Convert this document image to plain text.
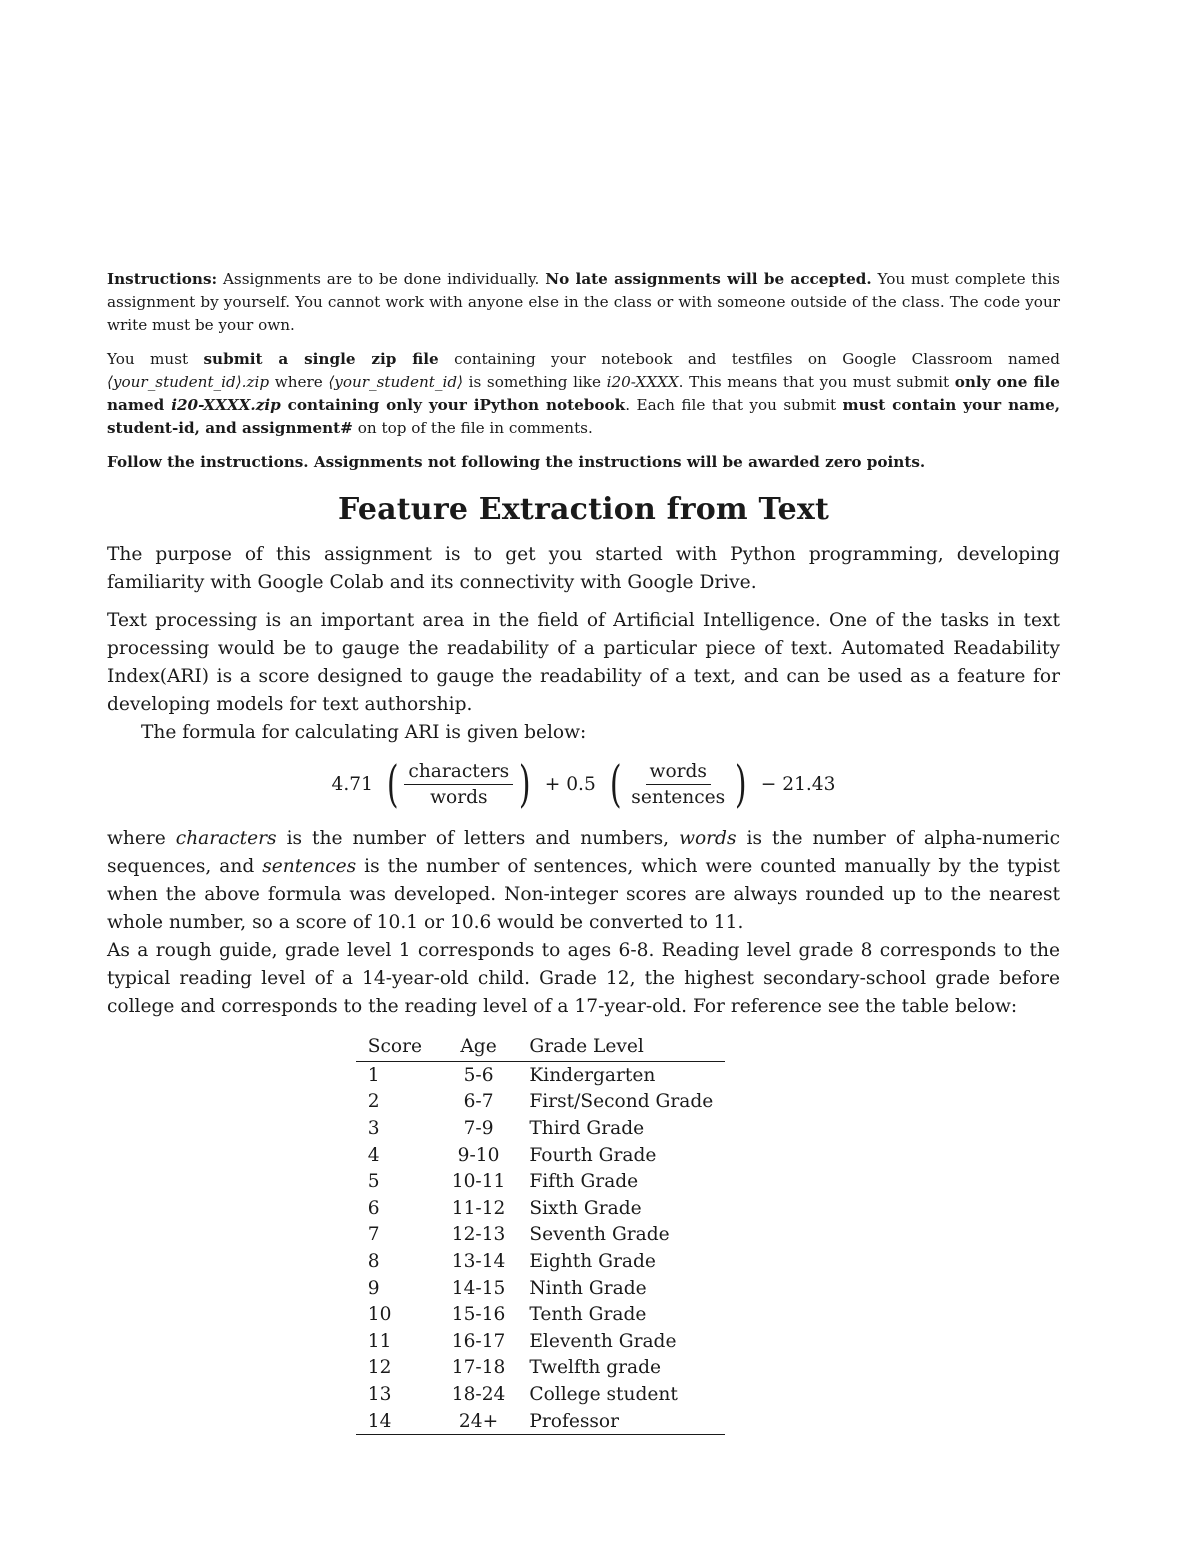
Instructions: Assignments are to be done individually. No late assignments will be accepted. You must complete this assignment by yourself. You cannot work with anyone else in the class or with someone outside of the class. The code your write must be your own.

You must submit a single zip file containing your notebook and testfiles on Google Classroom named ⟨your_student_id⟩.zip where ⟨your_student_id⟩ is something like i20-XXXX. This means that you must submit only one file named i20-XXXX.zip containing only your iPython notebook. Each file that you submit must contain your name, student-id, and assignment# on top of the file in comments.

Follow the instructions. Assignments not following the instructions will be awarded zero points.

Feature Extraction from Text

The purpose of this assignment is to get you started with Python programming, developing familiarity with Google Colab and its connectivity with Google Drive.

Text processing is an important area in the field of Artificial Intelligence. One of the tasks in text processing would be to gauge the readability of a particular piece of text. Automated Readability Index(ARI) is a score designed to gauge the readability of a text, and can be used as a feature for developing models for text authorship.

The formula for calculating ARI is given below:

4.71 ( $\frac{\text{characters}}{\text{words}}$ ) + 0.5 ( $\frac{\text{words}}{\text{sentences}}$ ) − 21.43

where characters is the number of letters and numbers, words is the number of alpha-numeric sequences, and sentences is the number of sentences, which were counted manually by the typist when the above formula was developed. Non-integer scores are always rounded up to the nearest whole number, so a score of 10.1 or 10.6 would be converted to 11.

As a rough guide, grade level 1 corresponds to ages 6-8. Reading level grade 8 corresponds to the typical reading level of a 14-year-old child. Grade 12, the highest secondary-school grade before college and corresponds to the reading level of a 17-year-old. For reference see the table below:

Score	Age	Grade Level
1	5-6	Kindergarten
2	6-7	First/Second Grade
3	7-9	Third Grade
4	9-10	Fourth Grade
5	10-11	Fifth Grade
6	11-12	Sixth Grade
7	12-13	Seventh Grade
8	13-14	Eighth Grade
9	14-15	Ninth Grade
10	15-16	Tenth Grade
11	16-17	Eleventh Grade
12	17-18	Twelfth grade
13	18-24	College student
14	24+	Professor
